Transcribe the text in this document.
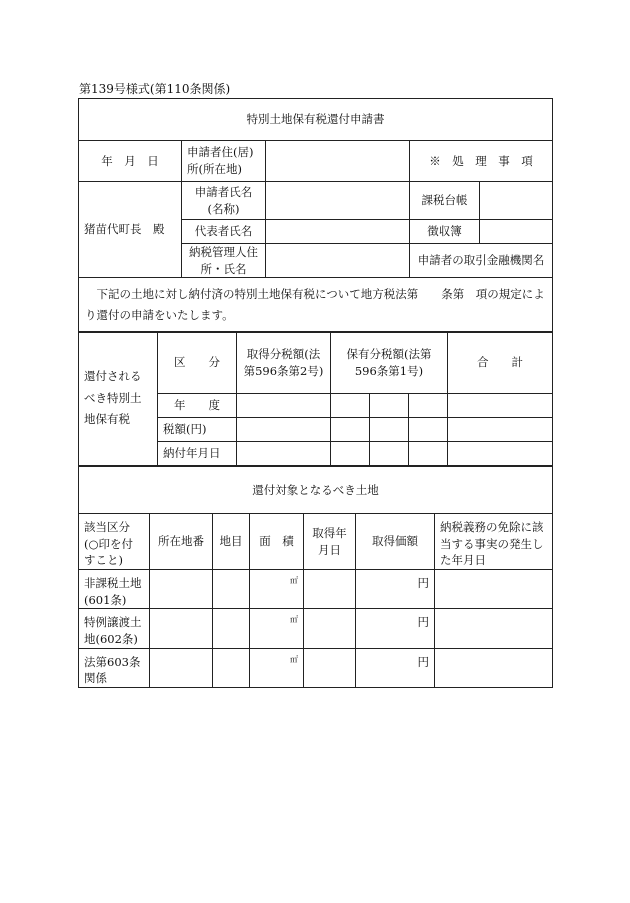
第139号様式(第110条関係)
特別土地保有税還付申請書				
年　月　日	申請者住(居)所(所在地)		※　処　理　事　項	
猪苗代町長　殿	申請者氏名(名称)		課税台帳	
	代表者氏名		徴収簿	
	納税管理人住所・氏名		申請者の取引金融機関名	
下記の土地に対し納付済の特別土地保有税について地方税法第　　条第　項の規定により還付の申請をいたします。				
還付されるべき特別土地保有税	区　　分	取得分税額(法第596条第2号)	保有分税額(法第596条第1号)			合　　計
	年　　度					
	税額(円)					
	納付年月日					
還付対象となるべき土地						
該当区分(○印を付すこと)	所在地番	地目	面　積	取得年月日	取得価額	納税義務の免除に該当する事実の発生した年月日
非課税土地(601条)			㎡		円	
特例譲渡土地(602条)			㎡		円	
法第603条関係			㎡		円	
